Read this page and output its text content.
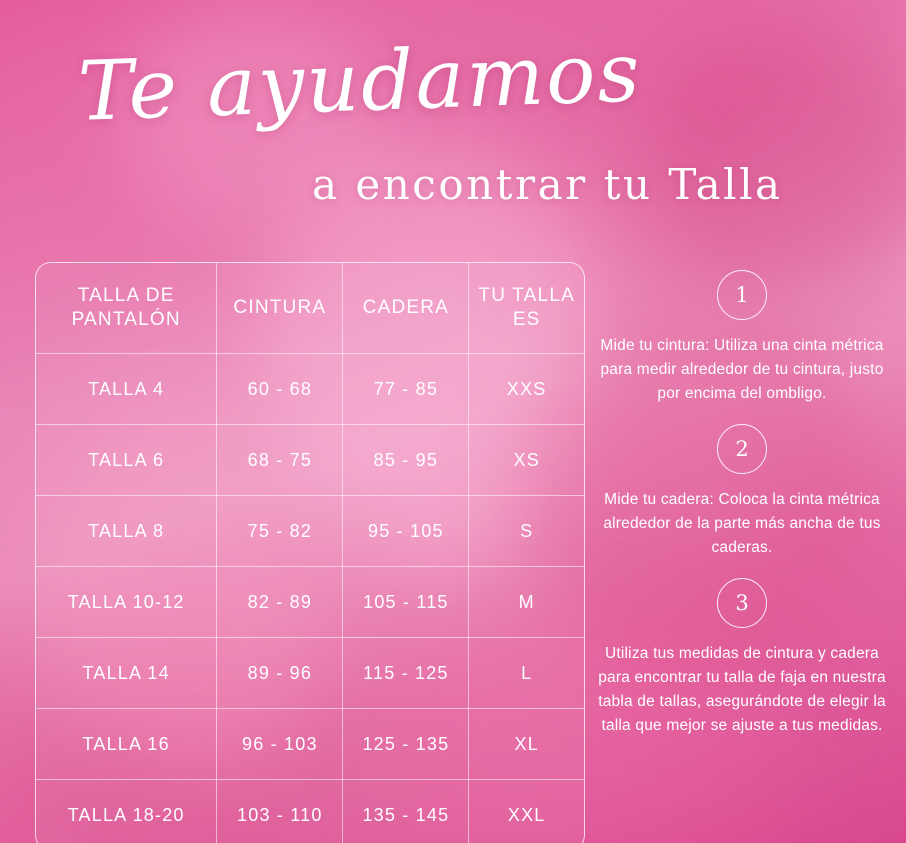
Te ayudamos
a encontrar tu Talla
TALLA DE PANTALÓN	CINTURA	CADERA	TU TALLA ES
TALLA 4	60 - 68	77 - 85	XXS
TALLA 6	68 - 75	85 - 95	XS
TALLA 8	75 - 82	95 - 105	S
TALLA 10-12	82 - 89	105 - 115	M
TALLA 14	89 - 96	115 - 125	L
TALLA 16	96 - 103	125 - 135	XL
TALLA 18-20	103 - 110	135 - 145	XXL
1
Mide tu cintura: Utiliza una cinta métrica para medir alrededor de tu cintura, justo por encima del ombligo.
2
Mide tu cadera: Coloca la cinta métrica alrededor de la parte más ancha de tus caderas.
3
Utiliza tus medidas de cintura y cadera para encontrar tu talla de faja en nuestra tabla de tallas, asegurándote de elegir la talla que mejor se ajuste a tus medidas.
